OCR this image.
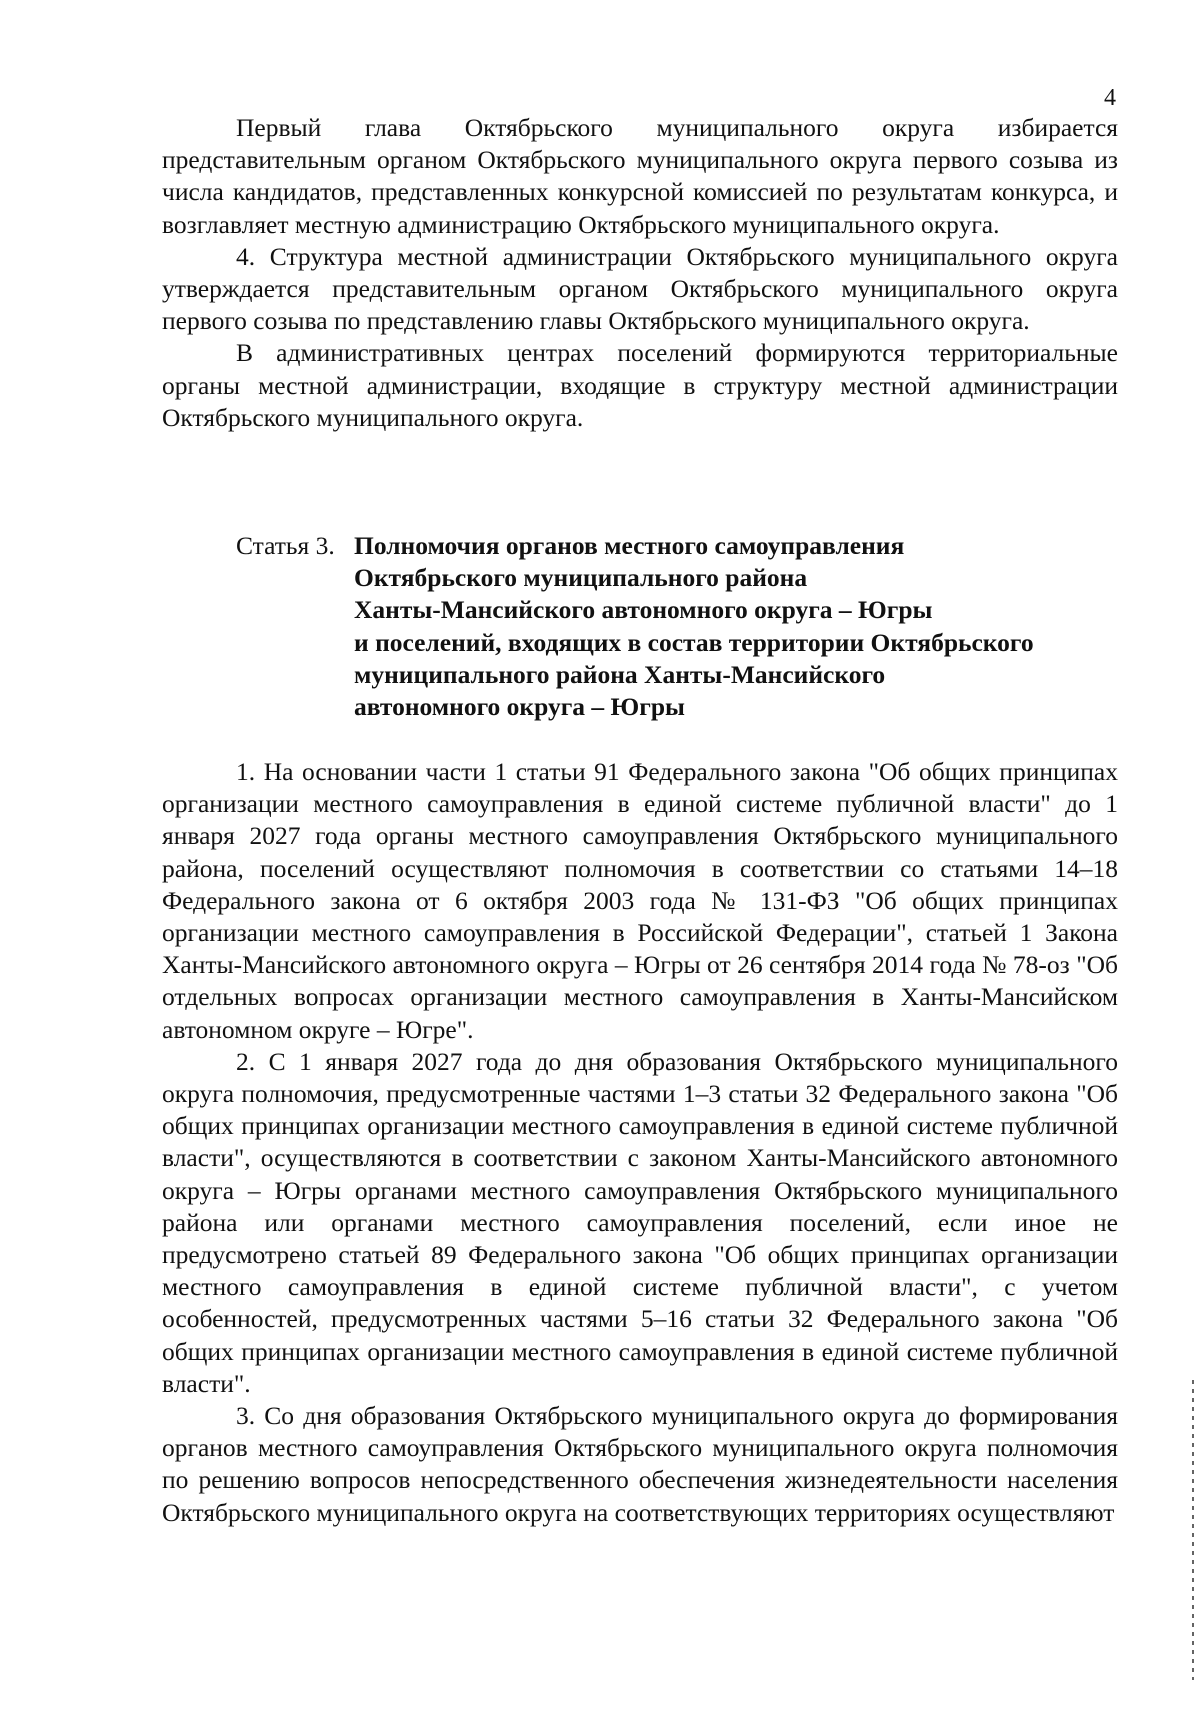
4

Первый глава Октябрьского муниципального округа избирается представительным органом Октябрьского муниципального округа первого созыва из числа кандидатов, представленных конкурсной комиссией по результатам конкурса, и возглавляет местную администрацию Октябрьского муниципального округа.

4. Структура местной администрации Октябрьского муниципального округа утверждается представительным органом Октябрьского муниципального округа первого созыва по представлению главы Октябрьского муниципального округа.

В административных центрах поселений формируются территориальные органы местной администрации, входящие в структуру местной администрации Октябрьского муниципального округа.

Статья 3. Полномочия органов местного самоуправления
Октябрьского муниципального района
Ханты-Мансийского автономного округа – Югры
и поселений, входящих в состав территории Октябрьского
муниципального района Ханты-Мансийского
автономного округа – Югры

1. На основании части 1 статьи 91 Федерального закона "Об общих принципах организации местного самоуправления в единой системе публичной власти" до 1 января 2027 года органы местного самоуправления Октябрьского муниципального района, поселений осуществляют полномочия в соответствии со статьями 14–18 Федерального закона от 6 октября 2003 года № 131-ФЗ "Об общих принципах организации местного самоуправления в Российской Федерации", статьей 1 Закона Ханты-Мансийского автономного округа – Югры от 26 сентября 2014 года № 78-оз "Об отдельных вопросах организации местного самоуправления в Ханты-Мансийском автономном округе – Югре".

2. С 1 января 2027 года до дня образования Октябрьского муниципального округа полномочия, предусмотренные частями 1–3 статьи 32 Федерального закона "Об общих принципах организации местного самоуправления в единой системе публичной власти", осуществляются в соответствии с законом Ханты-Мансийского автономного округа – Югры органами местного самоуправления Октябрьского муниципального района или органами местного самоуправления поселений, если иное не предусмотрено статьей 89 Федерального закона "Об общих принципах организации местного самоуправления в единой системе публичной власти", с учетом особенностей, предусмотренных частями 5–16 статьи 32 Федерального закона "Об общих принципах организации местного самоуправления в единой системе публичной власти".

3. Со дня образования Октябрьского муниципального округа до формирования органов местного самоуправления Октябрьского муниципального округа полномочия по решению вопросов непосредственного обеспечения жизнедеятельности населения Октябрьского муниципального округа на соответствующих территориях осуществляют
